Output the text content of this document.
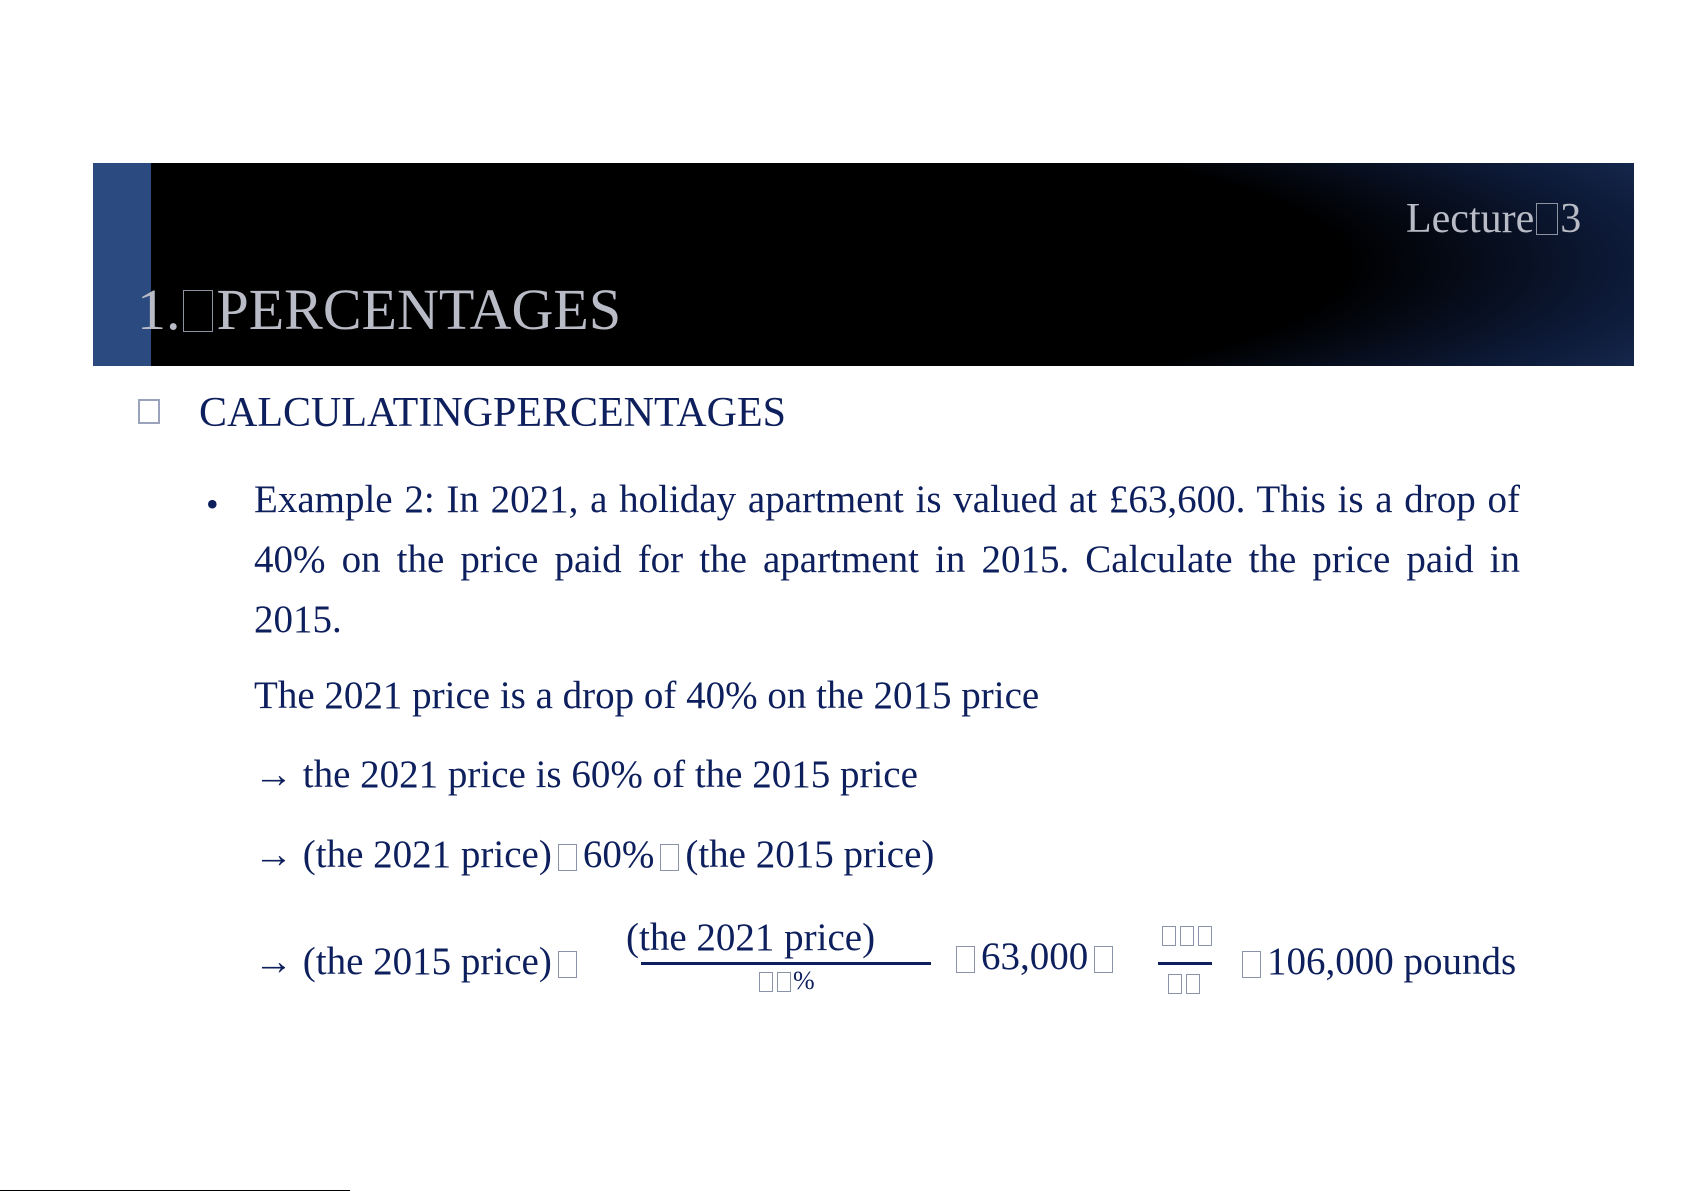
Lecture 3
1. PERCENTAGES
CALCULATINGPERCENTAGES
• Example 2: In 2021, a holiday apartment is valued at £63,600. This is a drop of 40% on the price paid for the apartment in 2015. Calculate the price paid in 2015.
The 2021 price is a drop of 40% on the 2015 price
→ the 2021 price is 60% of the 2015 price
→ (the 2021 price) 60% (the 2015 price)
→ (the 2015 price)
(the 2021 price)
%
63,000	106,000 pounds
